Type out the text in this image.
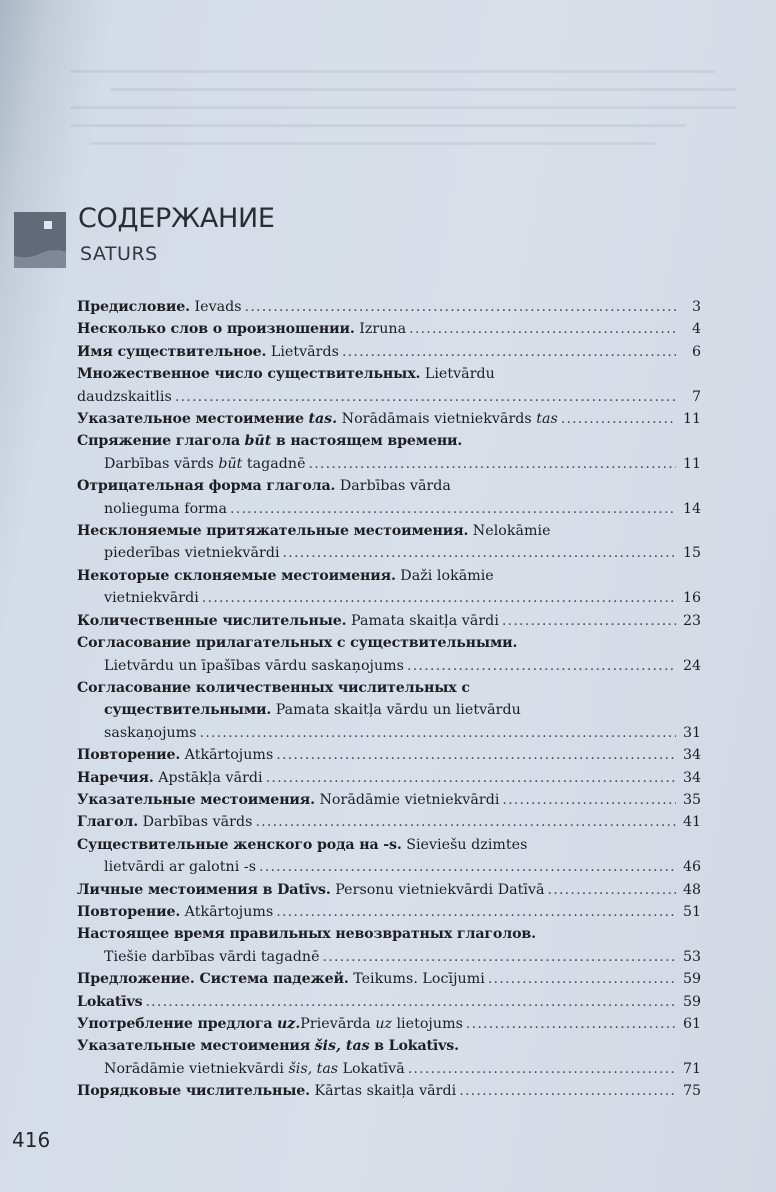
СОДЕРЖАНИЕ
SATURS
Предисловие.
Ievads .....	3
Несколько слов о произношении.
Izruna .....	4
Имя существительное.
Lietvārds .....	6
Множественное число существительных.
Lietvārdu
daudzskaitlis .....	7
Указательное местоимение
tas.
Norādāmais vietniekvārds
tas .....	11
Спряжение глагола
būt
в настоящем времени.
Darbības vārds
būt
tagadnē .....	11
Отрицательная форма глагола.
Darbības vārda
nolieguma forma .....	14
Несклоняемые притяжательные местоимения.
Nelokāmie
piederības vietniekvārdi .....	15
Некоторые склоняемые местоимения.
Daži lokāmie
vietniekvārdi .....	16
Количественные числительные.
Pamata skaitļa vārdi .....	23
Согласование прилагательных с существительными.
Lietvārdu un īpašības vārdu saskaņojums .....	24
Согласование количественных числительных с
существительными.
Pamata skaitļa vārdu un lietvārdu
saskaņojums .....	31
Повторение.
Atkārtojums .....	34
Наречия.
Apstākļa vārdi .....	34
Указательные местоимения.
Norādāmie vietniekvārdi .....	35
Глагол.
Darbības vārds .....	41
Существительные женского рода на -s.
Sieviešu dzimtes
lietvārdi ar galotni -s .....	46
Личные местоимения в Datīvs.
Personu vietniekvārdi Datīvā .....	48
Повторение.
Atkārtojums .....	51
Настоящее время правильных невозвратных глаголов.
Tiešie darbības vārdi tagadnē .....	53
Предложение. Система падежей.
Teikums. Locījumi .....	59
Lokatīvs .....	59
Употребление предлога
uz. Prievārda
uz
lietojums .....	61
Указательные местоимения
šis, tas
в Lokatīvs.
Norādāmie vietniekvārdi
šis, tas
Lokatīvā .....	71
Порядковые числительные.
Kārtas skaitļa vārdi .....	75
416
